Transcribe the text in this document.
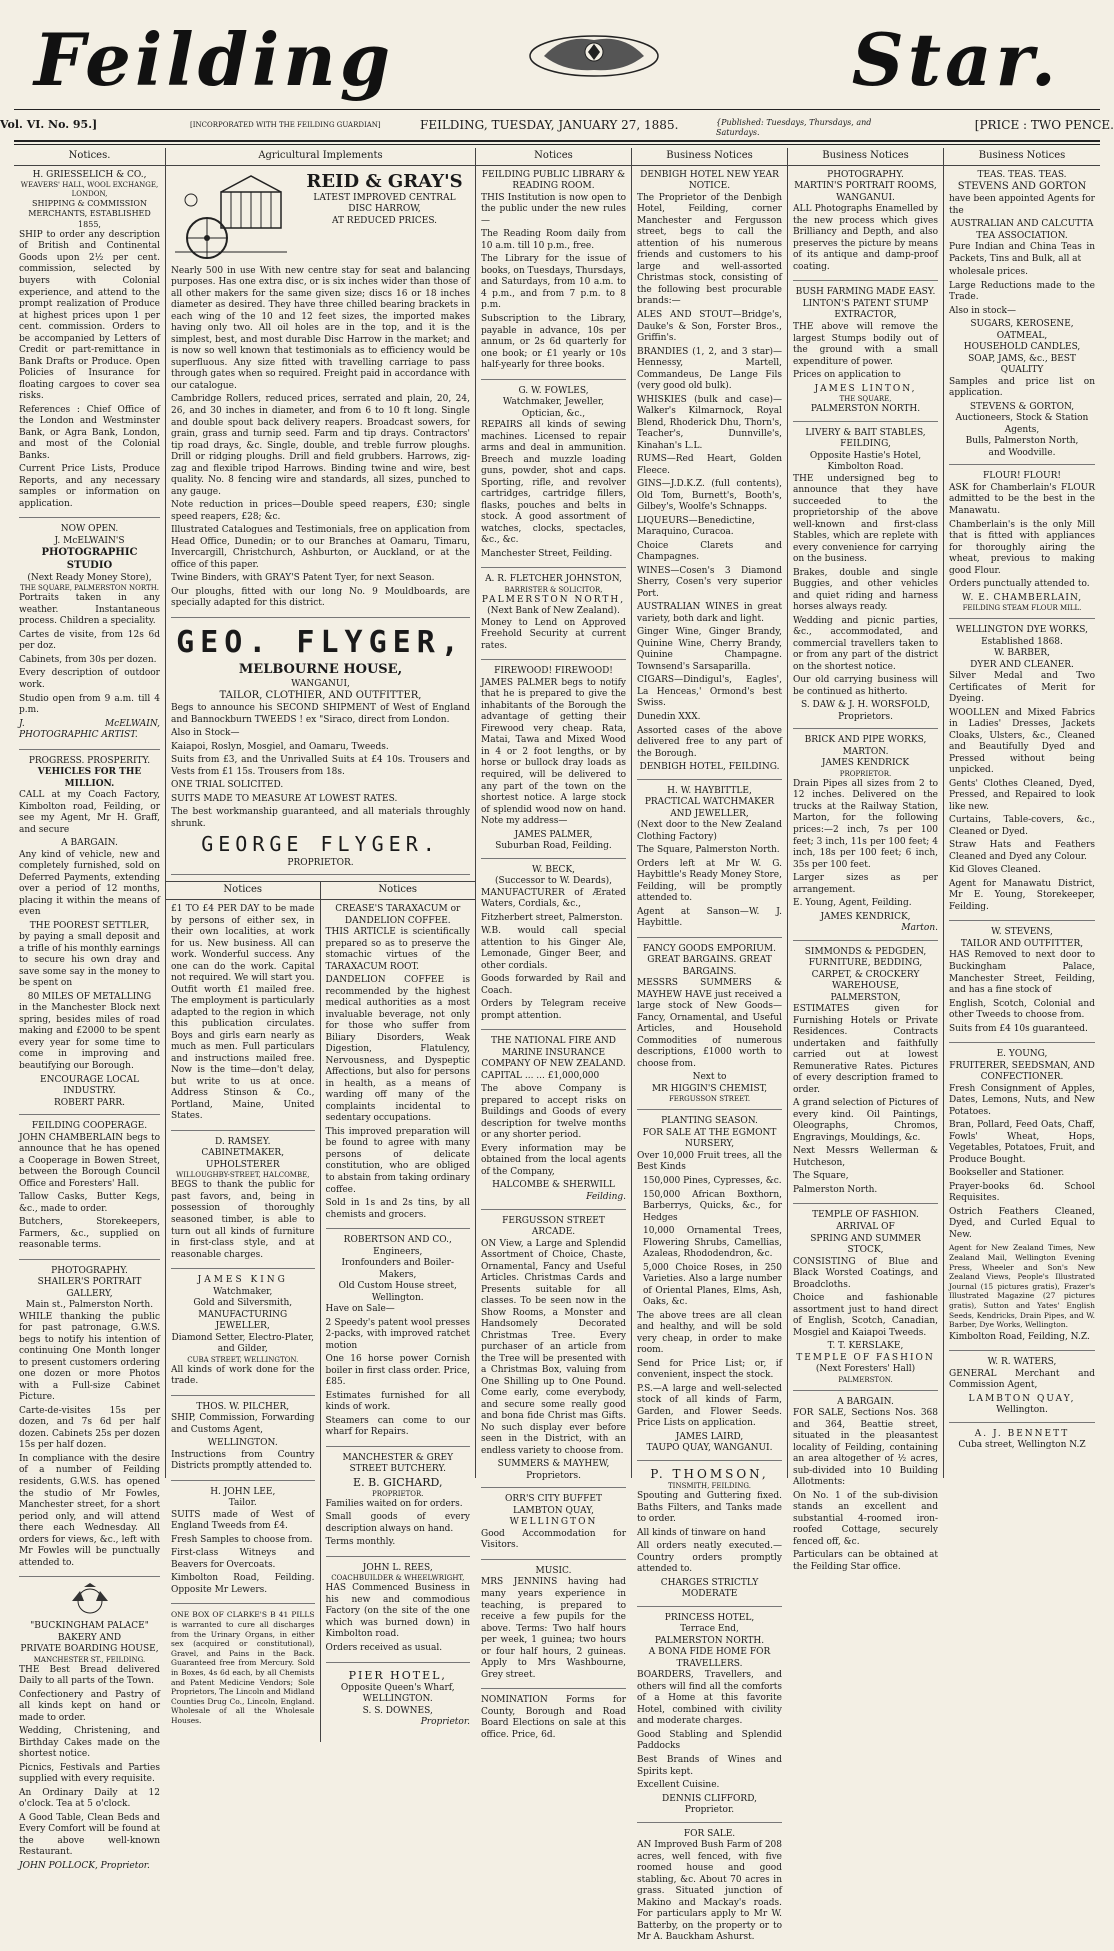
Feilding	Star.
Vol. VI. No. 95.]	[INCORPORATED WITH THE FEILDING GUARDIAN]	FEILDING, TUESDAY, JANUARY 27, 1885.	{Published: Tuesdays, Thursdays, and Saturdays.
[PRICE : TWO PENCE.
Notices.
H. GRIESSELICH & CO.,
WEAVERS' HALL, WOOL EXCHANGE, LONDON,
SHIPPING & COMMISSION MERCHANTS, ESTABLISHED 1855,

SHIP to order any description of British and Continental Goods upon 2½ per cent. commission, selected by buyers with Colonial experience, and attend to the prompt realization of Produce at highest prices upon 1 per cent. commission. Orders to be accompanied by Letters of Credit or part-remittance in Bank Drafts or Produce. Open Policies of Insurance for floating cargoes to cover sea risks.

References : Chief Office of the London and Westminster Bank, or Agra Bank, London, and most of the Colonial Banks.

Current Price Lists, Produce Reports, and any necessary samples or information on application.

NOW OPEN.
J. McELWAIN'S
PHOTOGRAPHIC STUDIO
(Next Ready Money Store),
THE SQUARE, PALMERSTON NORTH.

Portraits taken in any weather. Instantaneous process. Children a speciality.

Cartes de visite, from 12s 6d per doz.

Cabinets, from 30s per dozen.

Every description of outdoor work.

Studio open from 9 a.m. till 4 p.m.

J. McELWAIN, PHOTOGRAPHIC ARTIST.

PROGRESS. PROSPERITY.
VEHICLES FOR THE MILLION.

CALL at my Coach Factory, Kimbolton road, Feilding, or see my Agent, Mr H. Graff, and secure

A BARGAIN.

Any kind of vehicle, new and completely furnished, sold on Deferred Payments, extending over a period of 12 months, placing it within the means of even

THE POOREST SETTLER,

by paying a small deposit and a trifle of his monthly earnings to secure his own dray and save some say in the money to be spent on

80 MILES OF METALLING

in the Manchester Block next spring, besides miles of road making and £2000 to be spent every year for some time to come in improving and beautifying our Borough.

ENCOURAGE LOCAL INDUSTRY.
ROBERT PARR.
FEILDING COOPERAGE.

JOHN CHAMBERLAIN begs to announce that he has opened a Cooperage in Bowen Street, between the Borough Council Office and Foresters' Hall.

Tallow Casks, Butter Kegs, &c., made to order.

Butchers, Storekeepers, Farmers, &c., supplied on reasonable terms.

PHOTOGRAPHY.
SHAILER'S PORTRAIT GALLERY,
Main st., Palmerston North.

WHILE thanking the public for past patronage, G.W.S. begs to notify his intention of continuing One Month longer to present customers ordering one dozen or more Photos with a Full-size Cabinet Picture.

Carte-de-visites 15s per dozen, and 7s 6d per half dozen. Cabinets 25s per dozen 15s per half dozen.

In compliance with the desire of a number of Feilding residents, G.W.S. has opened the studio of Mr Fowles, Manchester street, for a short period only, and will attend there each Wednesday. All orders for views, &c., left with Mr Fowles will be punctually attended to.

"BUCKINGHAM PALACE"
BAKERY AND
PRIVATE BOARDING HOUSE,
MANCHESTER ST., FEILDING.

THE Best Bread delivered Daily to all parts of the Town.

Confectionery and Pastry of all kinds kept on hand or made to order.

Wedding, Christening, and Birthday Cakes made on the shortest notice.

Picnics, Festivals and Parties supplied with every requisite.

An Ordinary Daily at 12 o'clock. Tea at 5 o'clock.

A Good Table, Clean Beds and Every Comfort will be found at the above well-known Restaurant.

JOHN POLLOCK, Proprietor.

Agricultural Implements
REID & GRAY'S
LATEST IMPROVED CENTRAL
DISC HARROW,
AT REDUCED PRICES.

Nearly 500 in use With new centre stay for seat and balancing purposes. Has one extra disc, or is six inches wider than those of all other makers for the same given size; discs 16 or 18 inches diameter as desired. They have three chilled bearing brackets in each wing of the 10 and 12 feet sizes, the imported makes having only two. All oil holes are in the top, and it is the simplest, best, and most durable Disc Harrow in the market; and is now so well known that testimonials as to efficiency would be superfluous. Any size fitted with travelling carriage to pass through gates when so required. Freight paid in accordance with our catalogue.

Cambridge Rollers, reduced prices, serrated and plain, 20, 24, 26, and 30 inches in diameter, and from 6 to 10 ft long. Single and double spout back delivery reapers. Broadcast sowers, for grain, grass and turnip seed. Farm and tip drays. Contractors' tip road drays, &c. Single, double, and treble furrow ploughs. Drill or ridging ploughs. Drill and field grubbers. Harrows, zig-zag and flexible tripod Harrows. Binding twine and wire, best quality. No. 8 fencing wire and standards, all sizes, punched to any gauge.

Note reduction in prices—Double speed reapers, £30; single speed reapers, £28; &c.

Illustrated Catalogues and Testimonials, free on application from Head Office, Dunedin; or to our Branches at Oamaru, Timaru, Invercargill, Christchurch, Ashburton, or Auckland, or at the office of this paper.

Twine Binders, with GRAY'S Patent Tyer, for next Season.

Our ploughs, fitted with our long No. 9 Mouldboards, are specially adapted for this district.

GEO. FLYGER,
MELBOURNE HOUSE,
WANGANUI,
TAILOR, CLOTHIER, AND OUTFITTER,

Begs to announce his SECOND SHIPMENT of West of England and Bannockburn TWEEDS ! ex "Siraco, direct from London.

Also in Stock—

Kaiapoi, Roslyn, Mosgiel, and Oamaru, Tweeds.

Suits from £3, and the Unrivalled Suits at £4 10s. Trousers and Vests from £1 15s. Trousers from 18s.

ONE TRIAL SOLICITED.

SUITS MADE TO MEASURE AT LOWEST RATES.

The best workmanship guaranteed, and all materials throughly shrunk.

GEORGE FLYGER.
PROPRIETOR.
Notices

£1 TO £4 PER DAY to be made by persons of either sex, in their own localities, at work for us. New business. All can work. Wonderful success. Any one can do the work. Capital not required. We will start you. Outfit worth £1 mailed free. The employment is particularly adapted to the region in which this publication circulates. Boys and girls earn nearly as much as men. Full particulars and instructions mailed free. Now is the time—don't delay, but write to us at once. Address Stinson & Co., Portland, Maine, United States.

D. RAMSEY.
CABINETMAKER, UPHOLSTERER
WILLOUGHBY-STREET, HALCOMBE,

BEGS to thank the public for past favors, and, being in possession of thoroughly seasoned timber, is able to turn out all kinds of furniture in first-class style, and at reasonable charges.

JAMES KING
Watchmaker,
Gold and Silversmith,
MANUFACTURING JEWELLER,
Diamond Setter, Electro-Plater, and Gilder,
CUBA STREET, WELLINGTON.

All kinds of work done for the trade.

THOS. W. PILCHER,

SHIP, Commission, Forwarding and Customs Agent,

WELLINGTON.

Instructions from Country Districts promptly attended to.

H. JOHN LEE,
Tailor.

SUITS made of West of England Tweeds from £4.

Fresh Samples to choose from.

First-class Witneys and Beavers for Overcoats.

Kimbolton Road, Feilding. Opposite Mr Lewers.

ONE BOX OF CLARKE'S B 41 PILLS is warranted to cure all discharges from the Urinary Organs, in either sex (acquired or constitutional), Gravel, and Pains in the Back. Guaranteed free from Mercury. Sold in Boxes, 4s 6d each, by all Chemists and Patent Medicine Vendors; Sole Proprietors, The Lincoln and Midland Counties Drug Co., Lincoln, England. Wholesale of all the Wholesale Houses.

Notices
CREASE'S TARAXACUM or DANDELION COFFEE.

THIS ARTICLE is scientifically prepared so as to preserve the stomachic virtues of the TARAXACUM ROOT.

DANDELION COFFEE is recommended by the highest medical authorities as a most invaluable beverage, not only for those who suffer from Biliary Disorders, Weak Digestion, Flatulency, Nervousness, and Dyspeptic Affections, but also for persons in health, as a means of warding off many of the complaints incidental to sedentary occupations.

This improved preparation will be found to agree with many persons of delicate constitution, who are obliged to abstain from taking ordinary coffee.

Sold in 1s and 2s tins, by all chemists and grocers.

ROBERTSON AND CO.,
Engineers,
Ironfounders and Boiler-Makers,
Old Custom House street,
Wellington.

Have on Sale—

2 Speedy's patent wool presses 2-packs, with improved ratchet motion

One 16 horse power Cornish boiler in first class order. Price, £85.

Estimates furnished for all kinds of work.

Steamers can come to our wharf for Repairs.

MANCHESTER & GREY STREET BUTCHERY.
E. B. GICHARD,
PROPRIETOR.

Families waited on for orders.

Small goods of every description always on hand.

Terms monthly.

JOHN L. REES,
COACHBUILDER & WHEELWRIGHT,

HAS Commenced Business in his new and commodious Factory (on the site of the one which was burned down) in Kimbolton road.

Orders received as usual.

PIER HOTEL,
Opposite Queen's Wharf,
WELLINGTON.
S. S. DOWNES,
Proprietor.
Notices
FEILDING PUBLIC LIBRARY & READING ROOM.

THIS Institution is now open to the public under the new rules—

The Reading Room daily from 10 a.m. till 10 p.m., free.

The Library for the issue of books, on Tuesdays, Thursdays, and Saturdays, from 10 a.m. to 4 p.m., and from 7 p.m. to 8 p.m.

Subscription to the Library, payable in advance, 10s per annum, or 2s 6d quarterly for one book; or £1 yearly or 10s half-yearly for three books.

G. W. FOWLES,
Watchmaker, Jeweller, Optician, &c.,

REPAIRS all kinds of sewing machines. Licensed to repair arms and deal in ammunition. Breech and muzzle loading guns, powder, shot and caps. Sporting, rifle, and revolver cartridges, cartridge fillers, flasks, pouches and belts in stock. A good assortment of watches, clocks, spectacles, &c., &c.

Manchester Street, Feilding.

A. R. FLETCHER JOHNSTON,
BARRISTER & SOLICITOR,
PALMERSTON NORTH,
(Next Bank of New Zealand).

Money to Lend on Approved Freehold Security at current rates.

FIREWOOD! FIREWOOD!

JAMES PALMER begs to notify that he is prepared to give the inhabitants of the Borough the advantage of getting their Firewood very cheap. Rata, Matai, Tawa and Mixed Wood in 4 or 2 foot lengths, or by horse or bullock dray loads as required, will be delivered to any part of the town on the shortest notice. A large stock of splendid wood now on hand. Note my address—

JAMES PALMER,
Suburban Road, Feilding.
W. BECK,
(Successor to W. Deards),

MANUFACTURER of Ærated Waters, Cordials, &c.,

Fitzherbert street, Palmerston.

W.B. would call special attention to his Ginger Ale, Lemonade, Ginger Beer, and other cordials.

Goods forwarded by Rail and Coach.

Orders by Telegram receive prompt attention.

THE NATIONAL FIRE AND MARINE INSURANCE COMPANY OF NEW ZEALAND.

CAPITAL ... ... £1,000,000

The above Company is prepared to accept risks on Buildings and Goods of every description for twelve months or any shorter period.

Every information may be obtained from the local agents of the Company,

HALCOMBE & SHERWILL
Feilding.
FERGUSSON STREET ARCADE.

ON View, a Large and Splendid Assortment of Choice, Chaste, Ornamental, Fancy and Useful Articles. Christmas Cards and Presents suitable for all classes. To be seen now in the Show Rooms, a Monster and Handsomely Decorated Christmas Tree. Every purchaser of an article from the Tree will be presented with a Christmas Box, valuing from One Shilling up to One Pound. Come early, come everybody, and secure some really good and bona fide Christ mas Gifts. No such display ever before seen in the District, with an endless variety to choose from.

SUMMERS & MAYHEW, Proprietors.
ORR'S CITY BUFFET
LAMBTON QUAY,
WELLINGTON

Good Accommodation for Visitors.

MUSIC.

MRS JENNINS having had many years experience in teaching, is prepared to receive a few pupils for the above. Terms: Two half hours per week, 1 guinea; two hours or four half hours, 2 guineas. Apply to Mrs Washbourne, Grey street.

NOMINATION Forms for County, Borough and Road Board Elections on sale at this office. Price, 6d.

Business Notices
DENBIGH HOTEL NEW YEAR NOTICE.

The Proprietor of the Denbigh Hotel, Feilding, corner Manchester and Fergusson street, begs to call the attention of his numerous friends and customers to his large and well-assorted Christmas stock, consisting of the following best procurable brands:—

ALES AND STOUT—Bridge's, Dauke's & Son, Forster Bros., Griffin's.

BRANDIES (1, 2, and 3 star)—Hennessy, Martell, Commandeus, De Lange Fils (very good old bulk).

WHISKIES (bulk and case)—Walker's Kilmarnock, Royal Blend, Rhoderick Dhu, Thorn's, Teacher's, Dunnville's, Kinahan's L.L.

RUMS—Red Heart, Golden Fleece.

GINS—J.D.K.Z. (full contents), Old Tom, Burnett's, Booth's, Gilbey's, Woolfe's Schnapps.

LIQUEURS—Benedictine, Maraquino, Curacoa.

Choice Clarets and Champagnes.

WINES—Cosen's 3 Diamond Sherry, Cosen's very superior Port.

AUSTRALIAN WINES in great variety, both dark and light.

Ginger Wine, Ginger Brandy, Quinine Wine, Cherry Brandy, Quinine Champagne. Townsend's Sarsaparilla.

CIGARS—Dindigul's, Eagles', La Henceas,' Ormond's best Swiss.

Dunedin XXX.

Assorted cases of the above delivered free to any part of the Borough.

DENBIGH HOTEL, FEILDING.
H. W. HAYBITTLE,
PRACTICAL WATCHMAKER AND JEWELLER,

(Next door to the New Zealand Clothing Factory)

The Square, Palmerston North.

Orders left at Mr W. G. Haybittle's Ready Money Store, Feilding, will be promptly attended to.

Agent at Sanson—W. J. Haybittle.

FANCY GOODS EMPORIUM.
GREAT BARGAINS. GREAT BARGAINS.

MESSRS SUMMERS & MAYHEW HAVE just received a large stock of New Goods—Fancy, Ornamental, and Useful Articles, and Household Commodities of numerous descriptions, £1000 worth to choose from.

Next to
MR HIGGIN'S CHEMIST,
FERGUSSON STREET.
PLANTING SEASON.
FOR SALE AT THE EGMONT NURSERY,

Over 10,000 Fruit trees, all the Best Kinds

150,000 Pines, Cypresses, &c.

150,000 African Boxthorn, Barberrys, Quicks, &c., for Hedges

10,000 Ornamental Trees, Flowering Shrubs, Camellias, Azaleas, Rhododendron, &c.

5,000 Choice Roses, in 250 Varieties. Also a large number of Oriental Planes, Elms, Ash, Oaks, &c.

The above trees are all clean and healthy, and will be sold very cheap, in order to make room.

Send for Price List; or, if convenient, inspect the stock.

P.S.—A large and well-selected stock of all kinds of Farm, Garden, and Flower Seeds. Price Lists on application.

JAMES LAIRD,
TAUPO QUAY, WANGANUI.
P. THOMSON,
TINSMITH, FEILDING.

Spouting and Guttering fixed. Baths Filters, and Tanks made to order.

All kinds of tinware on hand

All orders neatly executed.—Country orders promptly attended to.

CHARGES STRICTLY MODERATE
PRINCESS HOTEL,
Terrace End,
PALMERSTON NORTH.
A BONA FIDE HOME FOR TRAVELLERS.

BOARDERS, Travellers, and others will find all the comforts of a Home at this favorite Hotel, combined with civility and moderate charges.

Good Stabling and Splendid Paddocks

Best Brands of Wines and Spirits kept.

Excellent Cuisine.

DENNIS CLIFFORD,
Proprietor.
FOR SALE.

AN Improved Bush Farm of 208 acres, well fenced, with five roomed house and good stabling, &c. About 70 acres in grass. Situated junction of Makino and Mackay's roads. For particulars apply to Mr W. Batterby, on the property or to Mr A. Bauckham Ashurst.

Business Notices
PHOTOGRAPHY.
MARTIN'S PORTRAIT ROOMS,
WANGANUI.

ALL Photographs Enamelled by the new process which gives Brilliancy and Depth, and also preserves the picture by means of its antique and damp-proof coating.

BUSH FARMING MADE EASY.
LINTON'S PATENT STUMP EXTRACTOR,

THE above will remove the largest Stumps bodily out of the ground with a small expenditure of power.

Prices on application to

JAMES LINTON,
THE SQUARE,
PALMERSTON NORTH.
LIVERY & BAIT STABLES,
FEILDING,
Opposite Hastie's Hotel,
Kimbolton Road.

THE undersigned beg to announce that they have succeeded to the proprietorship of the above well-known and first-class Stables, which are replete with every convenience for carrying on the business.

Brakes, double and single Buggies, and other vehicles and quiet riding and harness horses always ready.

Wedding and picnic parties, &c., accommodated, and commercial travellers taken to or from any part of the district on the shortest notice.

Our old carrying business will be continued as hitherto.

S. DAW & J. H. WORSFOLD,
Proprietors.
BRICK AND PIPE WORKS,
MARTON.
JAMES KENDRICK
PROPRIETOR.

Drain Pipes all sizes from 2 to 12 inches. Delivered on the trucks at the Railway Station, Marton, for the following prices:—2 inch, 7s per 100 feet; 3 inch, 11s per 100 feet; 4 inch, 18s per 100 feet; 6 inch, 35s per 100 feet.

Larger sizes as per arrangement.

E. Young, Agent, Feilding.

JAMES KENDRICK,
Marton.
SIMMONDS & PEDGDEN,
FURNITURE, BEDDING, CARPET, & CROCKERY WAREHOUSE,
PALMERSTON,

ESTIMATES given for Furnishing Hotels or Private Residences. Contracts undertaken and faithfully carried out at lowest Remunerative Rates. Pictures of every description framed to order.

A grand selection of Pictures of every kind. Oil Paintings, Oleographs, Chromos, Engravings, Mouldings, &c.

Next Messrs Wellerman & Hutcheson,

The Square,

Palmerston North.

TEMPLE OF FASHION.
ARRIVAL OF
SPRING AND SUMMER STOCK,

CONSISTING of Blue and Black Worsted Coatings, and Broadcloths.

Choice and fashionable assortment just to hand direct of English, Scotch, Canadian, Mosgiel and Kaiapoi Tweeds.

T. T. KERSLAKE,
TEMPLE OF FASHION
(Next Foresters' Hall)
PALMERSTON.
A BARGAIN.

FOR SALE, Sections Nos. 368 and 364, Beattie street, situated in the pleasantest locality of Feilding, containing an area altogether of ½ acres, sub-divided into 10 Building Allotments:

On No. 1 of the sub-division stands an excellent and substantial 4-roomed iron-roofed Cottage, securely fenced off, &c.

Particulars can be obtained at the Feilding Star office.

Business Notices
TEAS. TEAS. TEAS.
STEVENS AND GORTON

have been appointed Agents for the

AUSTRALIAN AND CALCUTTA TEA ASSOCIATION.

Pure Indian and China Teas in Packets, Tins and Bulk, all at

wholesale prices.

Large Reductions made to the Trade.

Also in stock—

SUGARS, KEROSENE, OATMEAL,
HOUSEHOLD CANDLES,
SOAP, JAMS, &c., BEST QUALITY

Samples and price list on application.

STEVENS & GORTON,
Auctioneers, Stock & Station Agents,
Bulls, Palmerston North,
and Woodville.
FLOUR! FLOUR!

ASK for Chamberlain's FLOUR admitted to be the best in the Manawatu.

Chamberlain's is the only Mill that is fitted with appliances for thoroughly airing the wheat, previous to making good Flour.

Orders punctually attended to.

W. E. CHAMBERLAIN,
FEILDING STEAM FLOUR MILL.
WELLINGTON DYE WORKS,
Established 1868.
W. BARBER,
DYER AND CLEANER.

Silver Medal and Two Certificates of Merit for Dyeing.

WOOLLEN and Mixed Fabrics in Ladies' Dresses, Jackets Cloaks, Ulsters, &c., Cleaned and Beautifully Dyed and Pressed without being unpicked.

Gents' Clothes Cleaned, Dyed, Pressed, and Repaired to look like new.

Curtains, Table-covers, &c., Cleaned or Dyed.

Straw Hats and Feathers Cleaned and Dyed any Colour.

Kid Gloves Cleaned.

Agent for Manawatu District, Mr E. Young, Storekeeper, Feilding.

W. STEVENS,
TAILOR AND OUTFITTER,

HAS Removed to next door to Buckingham Palace, Manchester Street, Feilding, and has a fine stock of

English, Scotch, Colonial and other Tweeds to choose from.

Suits from £4 10s guaranteed.

E. YOUNG,
FRUITERER, SEEDSMAN, AND CONFECTIONER.

Fresh Consignment of Apples, Dates, Lemons, Nuts, and New Potatoes.

Bran, Pollard, Feed Oats, Chaff, Fowls' Wheat, Hops, Vegetables, Potatoes, Fruit, and Produce Bought.

Bookseller and Stationer.

Prayer-books 6d. School Requisites.

Ostrich Feathers Cleaned, Dyed, and Curled Equal to New.

Agent for New Zealand Times, New Zealand Mail, Wellington Evening Press, Wheeler and Son's New Zealand Views, People's Illustrated Journal (15 pictures gratis), Frazer's Illustrated Magazine (27 pictures gratis), Sutton and Yates' English Seeds, Kendricks, Drain Pipes, and W. Barber, Dye Works, Wellington.

Kimbolton Road, Feilding, N.Z.

W. R. WATERS,

GENERAL Merchant and Commission Agent,

LAMBTON QUAY,
Wellington.
A. J. BENNETT
Cuba street, Wellington N.Z
